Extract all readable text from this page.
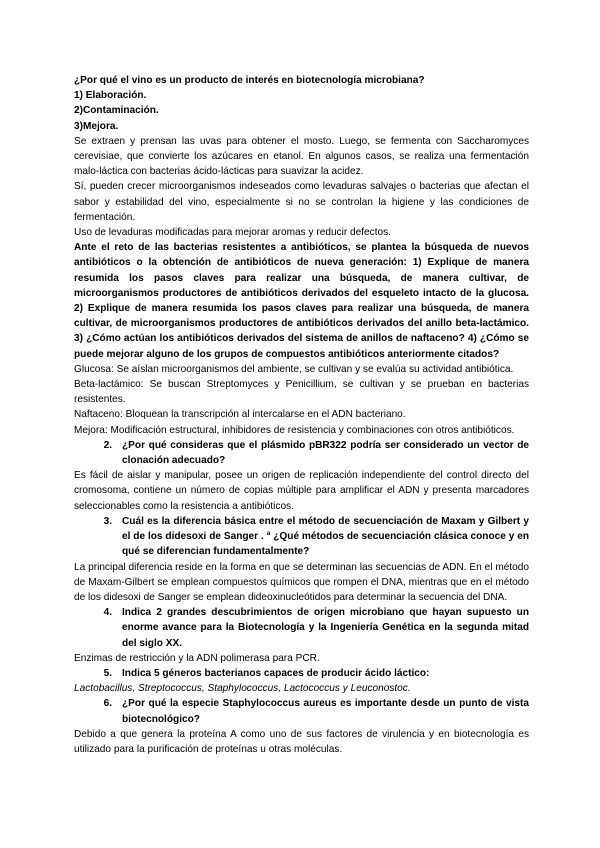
¿Por qué el vino es un producto de interés en biotecnología microbiana?

1) Elaboración.

2)Contaminación.

3)Mejora.

Se extraen y prensan las uvas para obtener el mosto. Luego, se fermenta con Saccharomyces cerevisiae, que convierte los azúcares en etanol. En algunos casos, se realiza una fermentación malo-láctica con bacterias ácido-lácticas para suavizar la acidez.

Sí, pueden crecer microorganismos indeseados como levaduras salvajes o bacterias que afectan el sabor y estabilidad del vino, especialmente si no se controlan la higiene y las condiciones de fermentación.

Uso de levaduras modificadas para mejorar aromas y reducir defectos.

Ante el reto de las bacterias resistentes a antibióticos, se plantea la búsqueda de nuevos antibióticos o la obtención de antibióticos de nueva generación: 1) Explique de manera resumida los pasos claves para realizar una búsqueda, de manera cultivar, de microorganismos productores de antibióticos derivados del esqueleto intacto de la glucosa. 2) Explique de manera resumida los pasos claves para realizar una búsqueda, de manera cultivar, de microorganismos productores de antibióticos derivados del anillo beta-lactámico. 3) ¿Cómo actúan los antibióticos derivados del sistema de anillos de naftaceno? 4) ¿Cómo se puede mejorar alguno de los grupos de compuestos antibióticos anteriormente citados?

Glucosa: Se aíslan microorganismos del ambiente, se cultivan y se evalúa su actividad antibiótica.

Beta-lactámico: Se buscan Streptomyces y Penicillium, se cultivan y se prueban en bacterias resistentes.

Naftaceno: Bloquean la transcripción al intercalarse en el ADN bacteriano.

Mejora: Modificación estructural, inhibidores de resistencia y combinaciones con otros antibióticos.

2. ¿Por qué consideras que el plásmido pBR322 podría ser considerado un vector de clonación adecuado?

Es fácil de aislar y manipular, posee un origen de replicación independiente del control directo del cromosoma, contiene un número de copias múltiple para amplificar el ADN y presenta marcadores seleccionables como la resistencia a antibióticos.

3. Cuál es la diferencia básica entre el método de secuenciación de Maxam y Gilbert y el de los didesoxi de Sanger . ª ¿Qué métodos de secuenciación clásica conoce y en qué se diferencian fundamentalmente?

La principal diferencia reside en la forma en que se determinan las secuencias de ADN. En el método de Maxam-Gilbert se emplean compuestos químicos que rompen el DNA, mientras que en el método de los didesoxi de Sanger se emplean dideoxinucleótidos para determinar la secuencia del DNA.

4. Indica 2 grandes descubrimientos de origen microbiano que hayan supuesto un enorme avance para la Biotecnología y la Ingeniería Genética en la segunda mitad del siglo XX.

Enzimas de restricción y la ADN polimerasa para PCR.

5. Indica 5 géneros bacterianos capaces de producir ácido láctico:

Lactobacillus, Streptococcus, Staphylococcus, Lactococcus y Leuconostoc.

6. ¿Por qué la especie Staphylococcus aureus es importante desde un punto de vista biotecnológico?

Debido a que genera la proteína A como uno de sus factores de virulencia y en biotecnología es utilizado para la purificación de proteínas u otras moléculas.
